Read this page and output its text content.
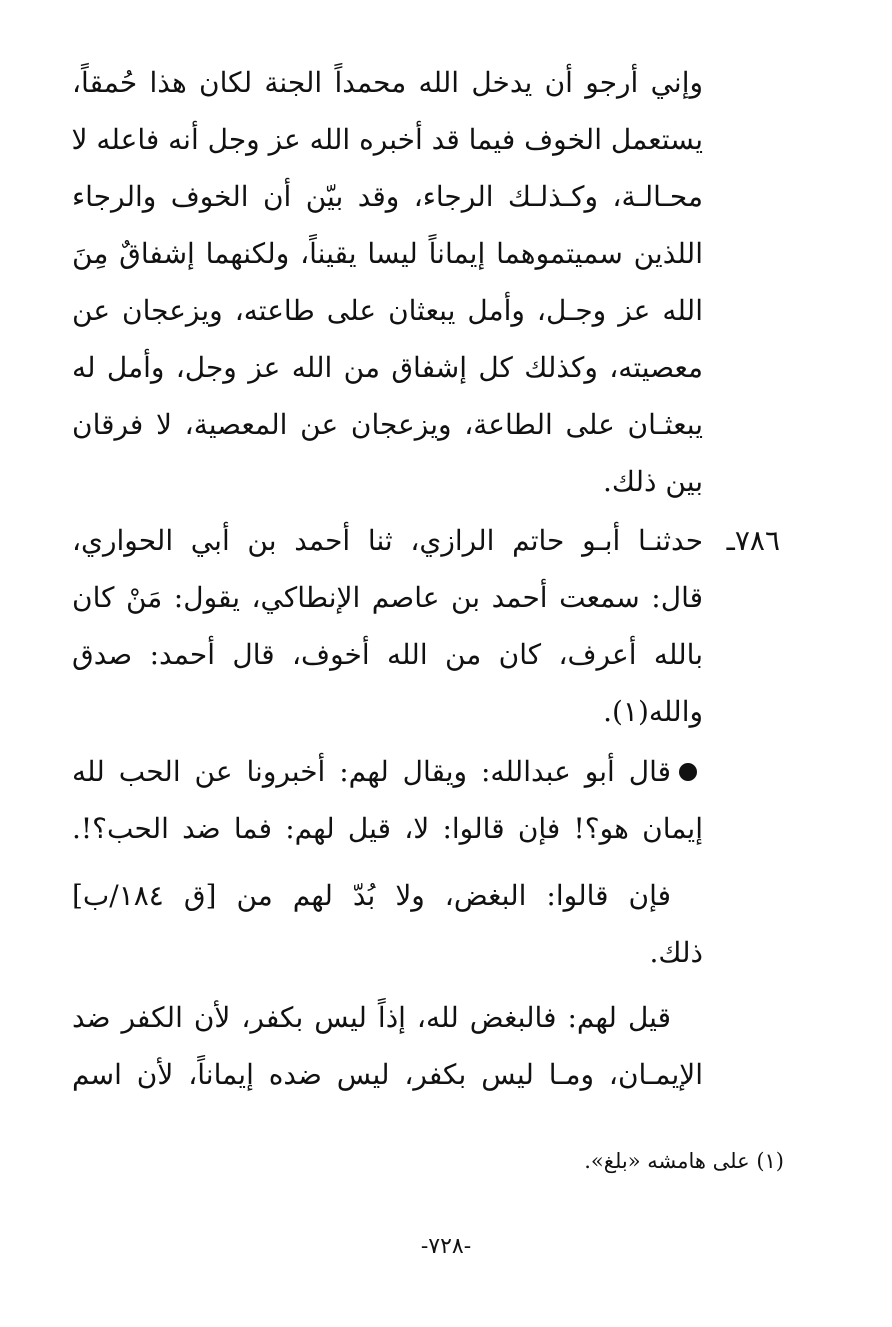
وإني أرجو أن يدخل الله محمداً الجنة لكان هذا حُمقاً،
يستعمل الخوف فيما قد أخبره الله عز وجل أنه فاعله لا
محـالـة، وكـذلـك الرجاء، وقد بيّن أن الخوف والرجاء
اللذين سميتموهما إيماناً ليسا يقيناً، ولكنهما إشفاقٌ مِنَ
الله عز وجـل، وأمل يبعثان على طاعته، ويزعجان عن
معصيته، وكذلك كل إشفاق من الله عز وجل، وأمل له
يبعثـان على الطاعة، ويزعجان عن المعصية، لا فرقان
بين ذلك.
٧٨٦ـ
حدثنـا أبـو حاتم الرازي، ثنا أحمد بن أبي الحواري،
قال: سمعت أحمد بن عاصم الإنطاكي، يقول: مَنْ كان
بالله أعرف، كان من الله أخوف، قال أحمد: صدق
والله(١).
قال أبو عبدالله: ويقال لهم: أخبرونا عن الحب لله
إيمان هو؟! فإن قالوا: لا، قيل لهم: فما ضد الحب؟!.
فإن قالوا: البغض، ولا بُدّ لهم من [ق ١٨٤/ب]
ذلك.
قيل لهم: فالبغض لله، إذاً ليس بكفر، لأن الكفر ضد
الإيمـان، ومـا ليس بكفر، ليس ضده إيماناً، لأن اسم
(١) على هامشه «بلغ».
-٧٢٨-
